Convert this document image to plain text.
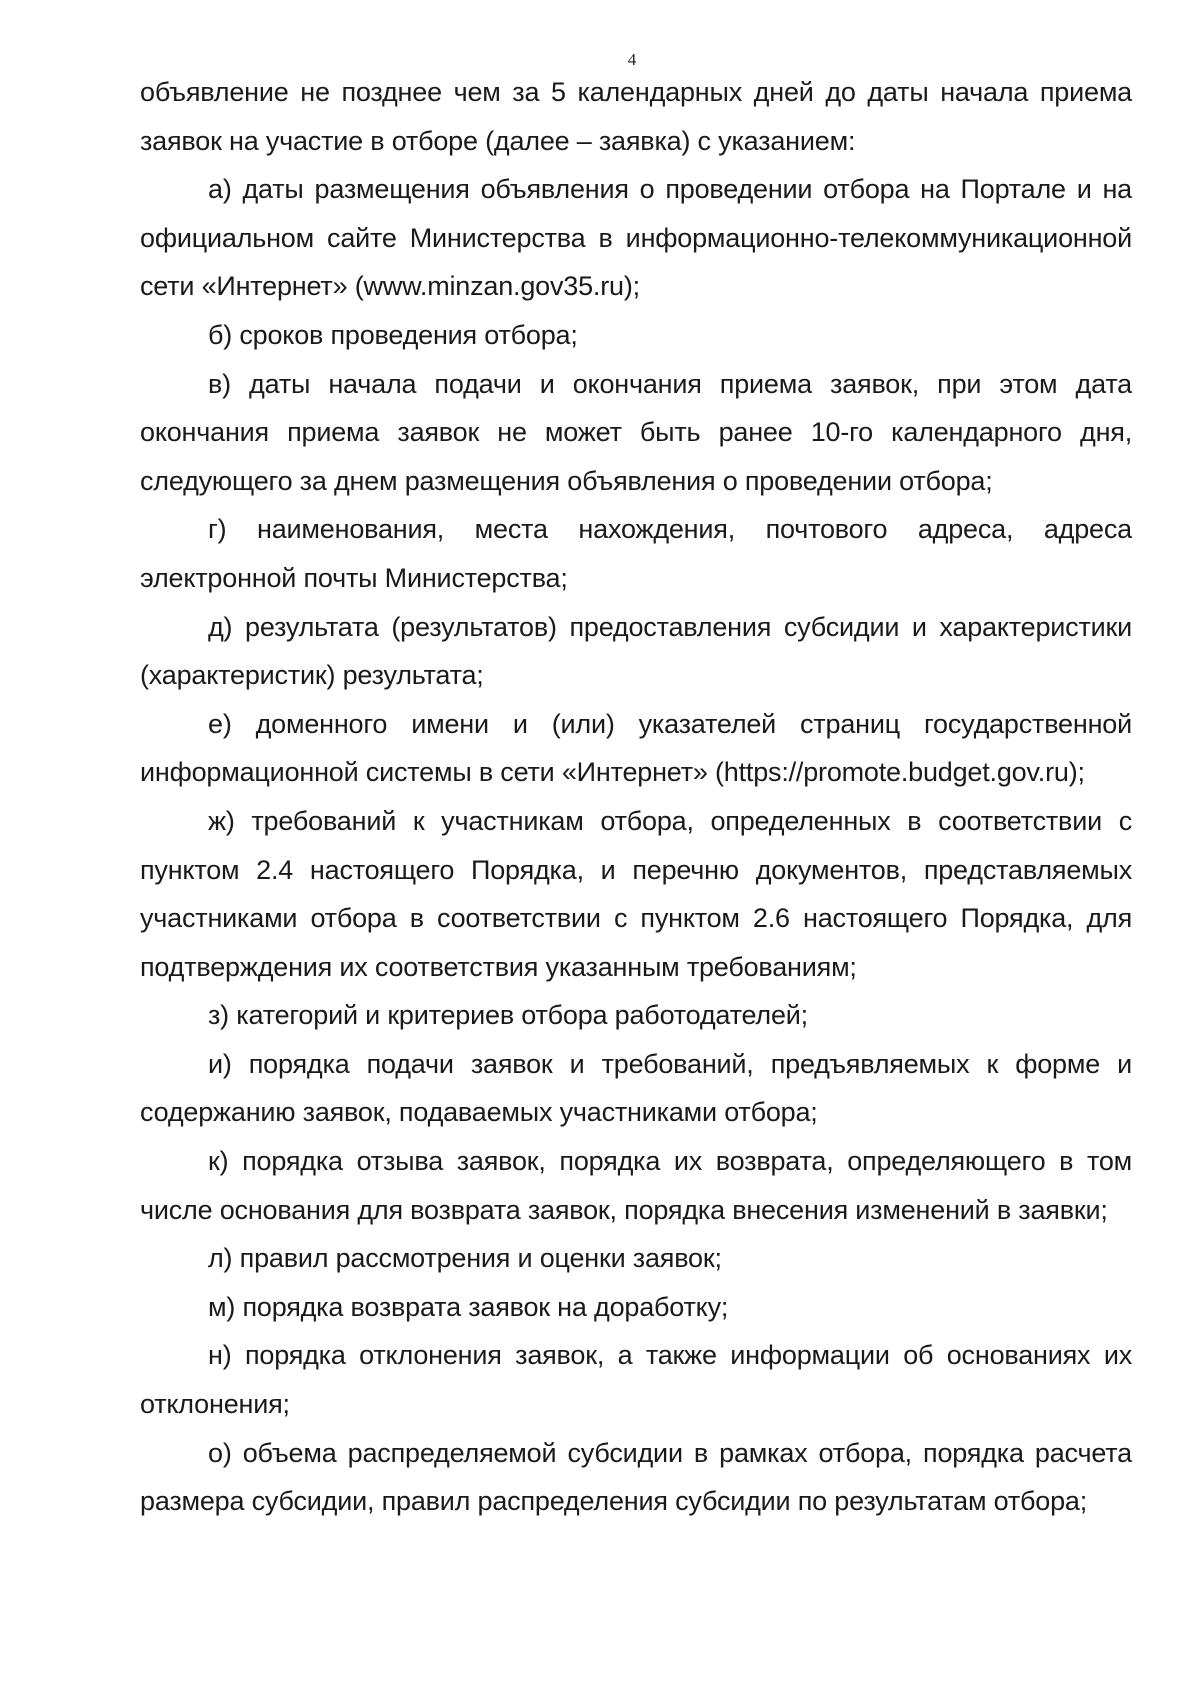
4

объявление не позднее чем за 5 календарных дней до даты начала приема заявок на участие в отборе (далее – заявка) с указанием:

а) даты размещения объявления о проведении отбора на Портале и на официальном сайте Министерства в информационно-телекоммуникационной сети «Интернет» (www.minzan.gov35.ru);

б) сроков проведения отбора;

в) даты начала подачи и окончания приема заявок, при этом дата окончания приема заявок не может быть ранее 10-го календарного дня, следующего за днем размещения объявления о проведении отбора;

г) наименования, места нахождения, почтового адреса, адреса электронной почты Министерства;

д) результата (результатов) предоставления субсидии и характеристики (характеристик) результата;

е) доменного имени и (или) указателей страниц государственной информационной системы в сети «Интернет» (https://promote.budget.gov.ru);

ж) требований к участникам отбора, определенных в соответствии с пунктом 2.4 настоящего Порядка, и перечню документов, представляемых участниками отбора в соответствии с пунктом 2.6 настоящего Порядка, для подтверждения их соответствия указанным требованиям;

з) категорий и критериев отбора работодателей;

и) порядка подачи заявок и требований, предъявляемых к форме и содержанию заявок, подаваемых участниками отбора;

к) порядка отзыва заявок, порядка их возврата, определяющего в том числе основания для возврата заявок, порядка внесения изменений в заявки;

л) правил рассмотрения и оценки заявок;

м) порядка возврата заявок на доработку;

н) порядка отклонения заявок, а также информации об основаниях их отклонения;

о) объема распределяемой субсидии в рамках отбора, порядка расчета размера субсидии, правил распределения субсидии по результатам отбора;
